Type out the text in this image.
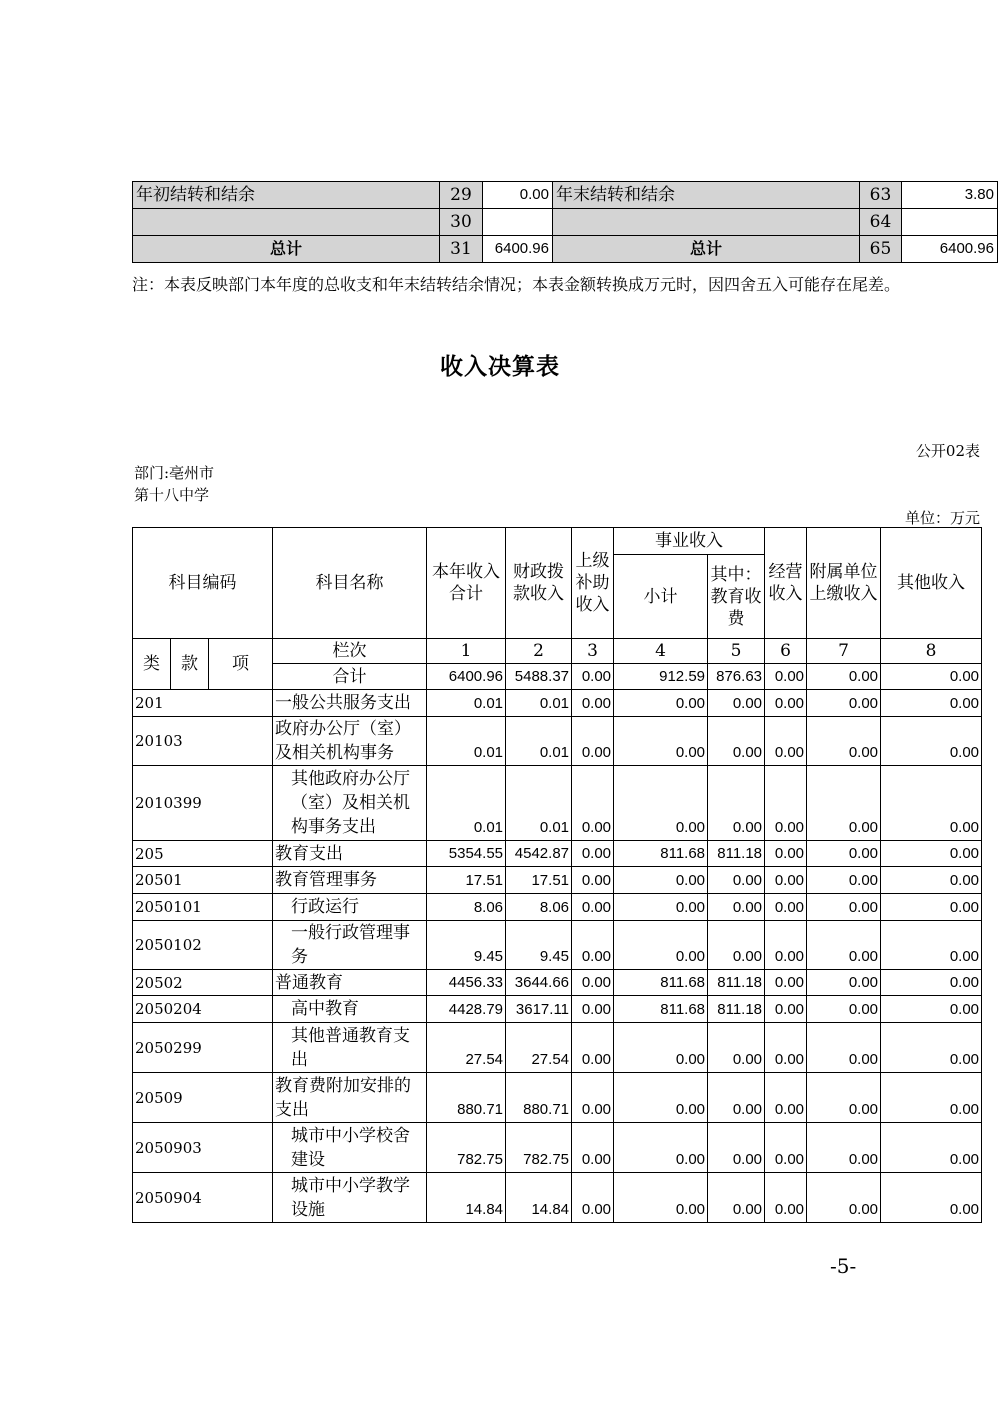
年初结转和结余	29	0.00	年末结转和结余	63	3.80
	30			64	
总计	31	6400.96	总计	65	6400.96
注：本表反映部门本年度的总收支和年末结转结余情况；本表金额转换成万元时，因四舍五入可能存在尾差。
收入决算表
公开02表
部门:亳州市第十八中学
单位：万元
科目编码			科目名称	本年收入合计	财政拨款收入	上级补助收入	事业收入		经营收入	附属单位上缴收入	其他收入
							小计	其中：教育收费			
类	款	项	栏次	1	2	3	4	5	6	7	8
			合计	6400.96	5488.37	0.00	912.59	876.63	0.00	0.00	0.00
201			一般公共服务支出	0.01	0.01	0.00	0.00	0.00	0.00	0.00	0.00
20103			政府办公厅（室）及相关机构事务	0.01	0.01	0.00	0.00	0.00	0.00	0.00	0.00
2010399			其他政府办公厅（室）及相关机构事务支出	0.01	0.01	0.00	0.00	0.00	0.00	0.00	0.00
205			教育支出	5354.55	4542.87	0.00	811.68	811.18	0.00	0.00	0.00
20501			教育管理事务	17.51	17.51	0.00	0.00	0.00	0.00	0.00	0.00
2050101			行政运行	8.06	8.06	0.00	0.00	0.00	0.00	0.00	0.00
2050102			一般行政管理事务	9.45	9.45	0.00	0.00	0.00	0.00	0.00	0.00
20502			普通教育	4456.33	3644.66	0.00	811.68	811.18	0.00	0.00	0.00
2050204			高中教育	4428.79	3617.11	0.00	811.68	811.18	0.00	0.00	0.00
2050299			其他普通教育支出	27.54	27.54	0.00	0.00	0.00	0.00	0.00	0.00
20509			教育费附加安排的支出	880.71	880.71	0.00	0.00	0.00	0.00	0.00	0.00
2050903			城市中小学校舍建设	782.75	782.75	0.00	0.00	0.00	0.00	0.00	0.00
2050904			城市中小学教学设施	14.84	14.84	0.00	0.00	0.00	0.00	0.00	0.00
-5-
